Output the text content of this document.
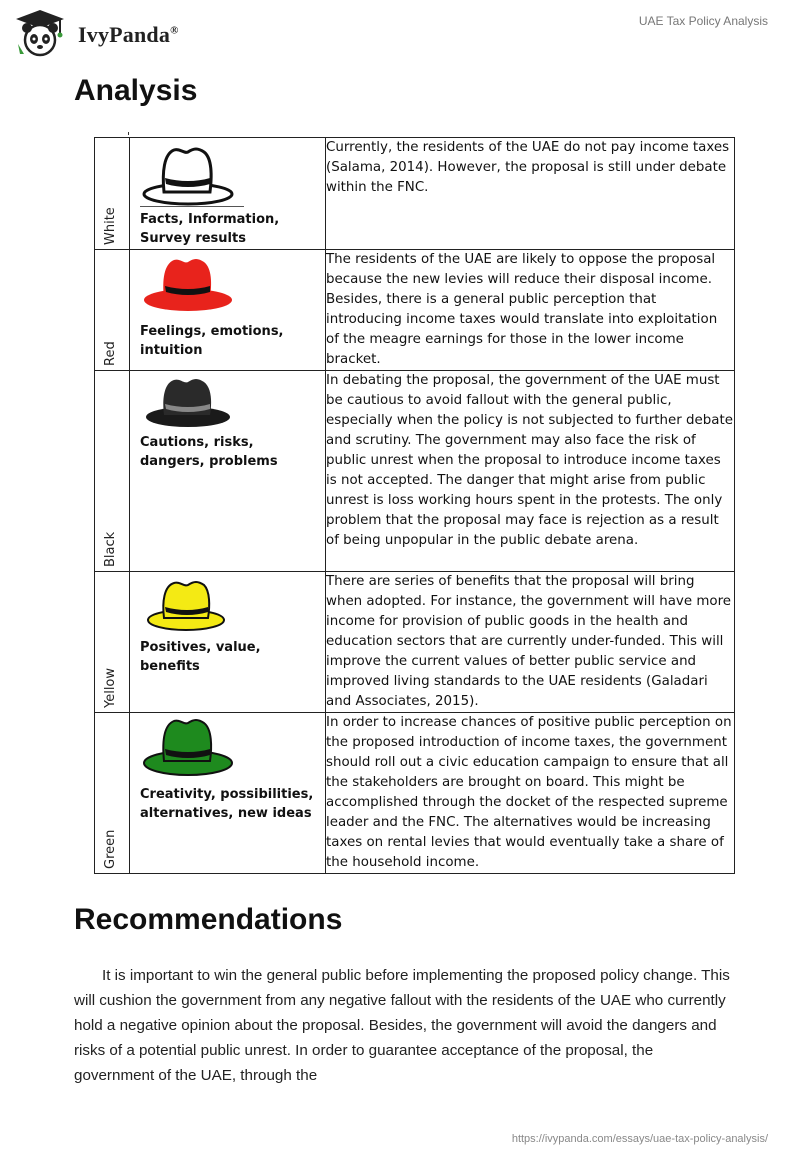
IvyPanda®
UAE Tax Policy Analysis
Analysis
White	Facts, Information, Survey results	Currently, the residents of the UAE do not pay income taxes (Salama, 2014). However, the proposal is still under debate within the FNC.

Red	Feelings, emotions, intuition	The residents of the UAE are likely to oppose the proposal because the new levies will reduce their disposal income. Besides, there is a general public perception that introducing income taxes would translate into exploitation of the meagre earnings for those in the lower income bracket.

Black	Cautions, risks, dangers, problems	In debating the proposal, the government of the UAE must be cautious to avoid fallout with the general public, especially when the policy is not subjected to further debate and scrutiny. The government may also face the risk of public unrest when the proposal to introduce income taxes is not accepted. The danger that might arise from public unrest is loss working hours spent in the protests. The only problem that the proposal may face is rejection as a result of being unpopular in the public debate arena.

Yellow	Positives, value, benefits	There are series of benefits that the proposal will bring when adopted. For instance, the government will have more income for provision of public goods in the health and education sectors that are currently under-funded. This will improve the current values of better public service and improved living standards to the UAE residents (Galadari and Associates, 2015).

Green	Creativity, possibilities, alternatives, new ideas	In order to increase chances of positive public perception on the proposed introduction of income taxes, the government should roll out a civic education campaign to ensure that all the stakeholders are brought on board. This might be accomplished through the docket of the respected supreme leader and the FNC. The alternatives would be increasing taxes on rental levies that would eventually take a share of the household income.
Recommendations

It is important to win the general public before implementing the proposed policy change. This will cushion the government from any negative fallout with the residents of the UAE who currently hold a negative opinion about the proposal. Besides, the government will avoid the dangers and risks of a potential public unrest. In order to guarantee acceptance of the proposal, the government of the UAE, through the

https://ivypanda.com/essays/uae-tax-policy-analysis/
